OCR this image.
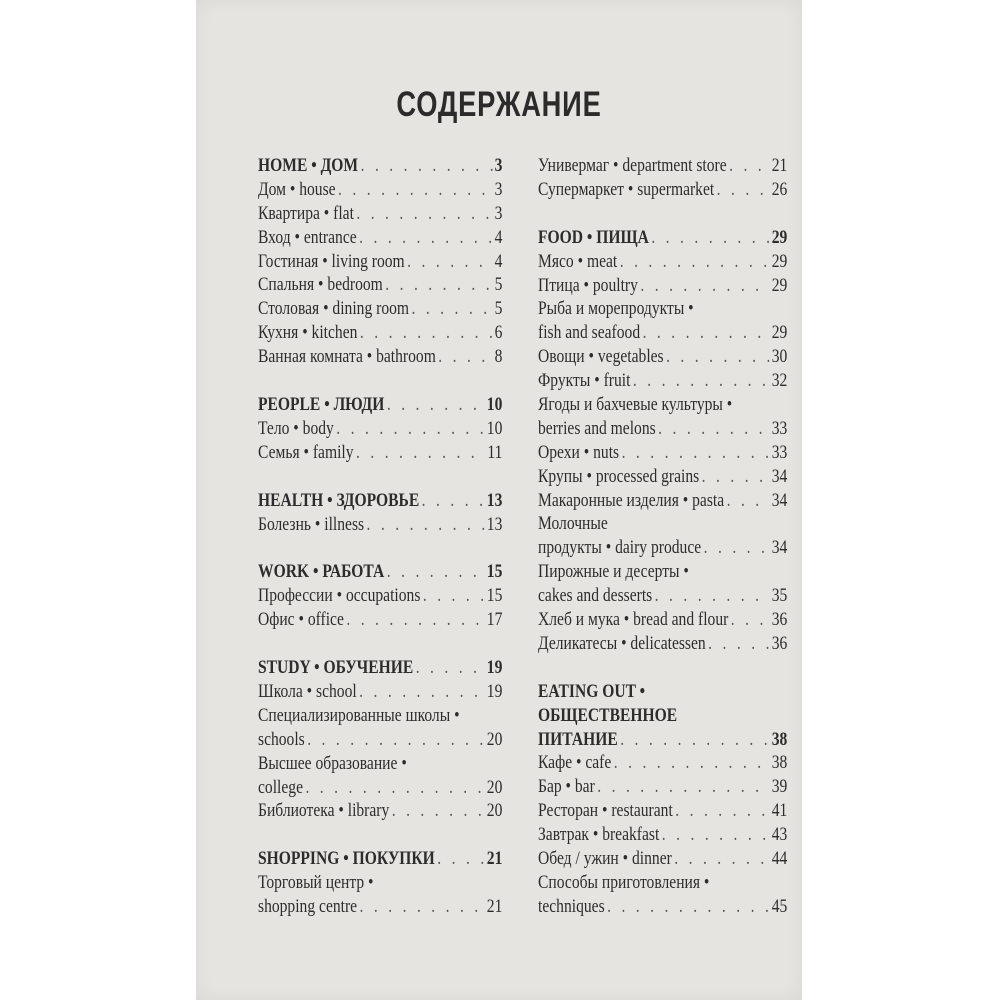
СОДЕРЖАНИЕ
HOME • ДОМ . . .	3
Дом • house . . .	3
Квартира • flat . . .	3
Вход • entrance . . .	4
Гостиная • living room . . .	4
Спальня • bedroom . . .	5
Столовая • dining room . . .	5
Кухня • kitchen . . .	6
Ванная комната • bathroom . . .	8
PEOPLE • ЛЮДИ . . .	10
Тело • body . . .	10
Семья • family . . .	11
HEALTH • ЗДОРОВЬЕ . . .	13
Болезнь • illness . . .	13
WORK • РАБОТА . . .	15
Профессии • occupations . . .	15
Офис • office . . .	17
STUDY • ОБУЧЕНИЕ . . .	19
Школа • school . . .	19
Специализированные школы •
schools . . .	20
Высшее образование •
college . . .	20
Библиотека • library . . .	20
SHOPPING • ПОКУПКИ . . .	21
Торговый центр •
shopping centre . . .	21
Универмаг • department store . . . 21
Супермаркет • supermarket . . .	26
FOOD • ПИЩА . . .	29
Мясо • meat . . .	29
Птица • poultry . . .	29
Рыба и морепродукты •
fish and seafood . . .	29
Овощи • vegetables . . .	30
Фрукты • fruit . . .	32
Ягоды и бахчевые культуры •
berries and melons . . .	33
Орехи • nuts . . .	33
Крупы • processed grains . . .	34
Макаронные изделия • pasta . . .	34
Молочные
продукты • dairy produce . . .	34
Пирожные и десерты •
cakes and desserts . . .	35
Хлеб и мука • bread and flour . . . 36
Деликатесы • delicatessen . . .	36
EATING OUT •
ОБЩЕСТВЕННОЕ
ПИТАНИЕ . . .	38
Кафе • cafe . . .	38
Бар • bar . . .	39
Ресторан • restaurant . . .	41
Завтрак • breakfast . . .	43
Обед / ужин • dinner . . .	44
Способы приготовления •
techniques . . .	45
